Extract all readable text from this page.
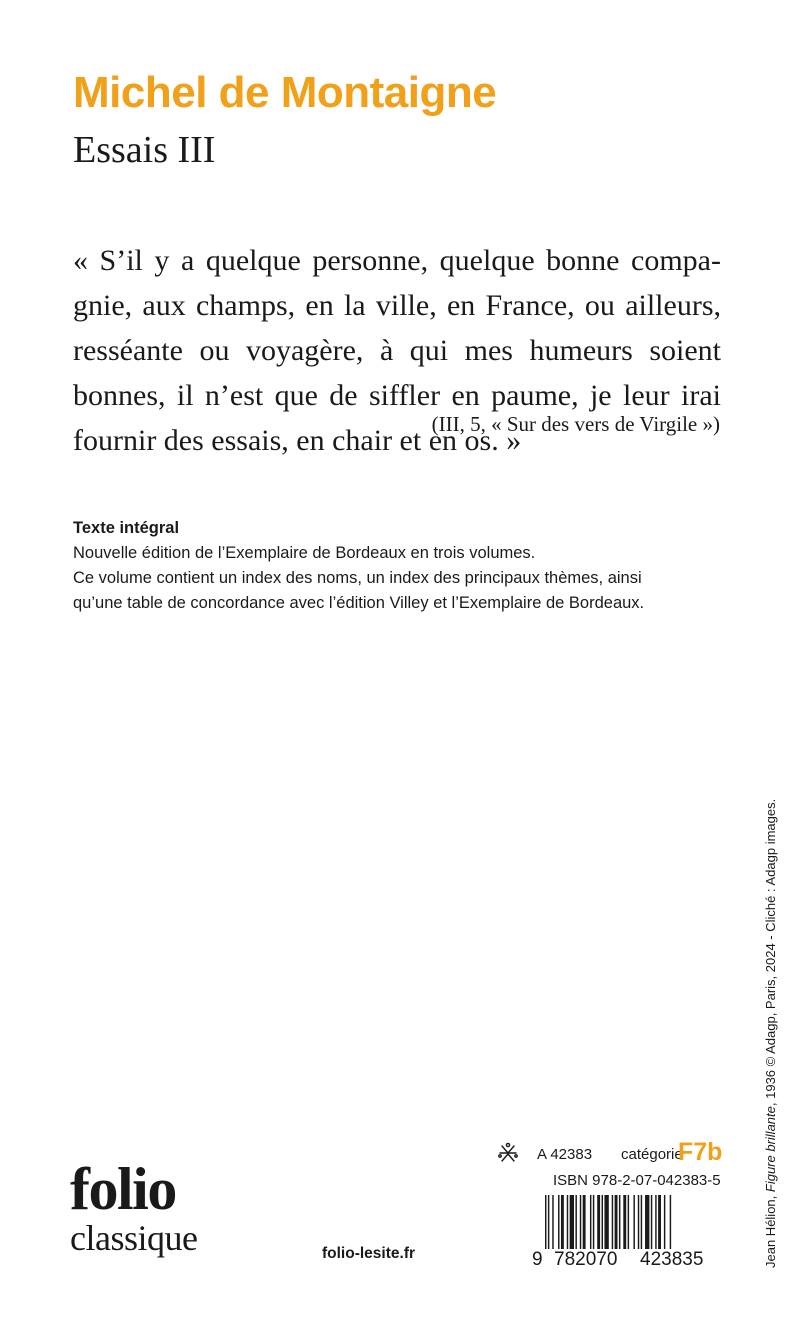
Michel de Montaigne
Essais III
« S’il y a quelque personne, quelque bonne compa-
gnie, aux champs, en la ville, en France, ou ailleurs,
resséante ou voyagère, à qui mes humeurs soient
bonnes, il n’est que de siffler en paume, je leur irai
fournir des essais, en chair et en os. »
(III, 5, « Sur des vers de Virgile »)
Texte intégral
Nouvelle édition de l’Exemplaire de Bordeaux en trois volumes.
Ce volume contient un index des noms, un index des principaux thèmes, ainsi
qu’une table de concordance avec l’édition Villey et l’Exemplaire de Bordeaux.
Jean Hélion, Figure brillante, 1936 © Adagp, Paris, 2024 - Cliché : Adagp images.
folio
classique	folio-lesite.fr
A 42383 catégorie
F7b
ISBN 978-2-07-042383-5
9 782070 423835
